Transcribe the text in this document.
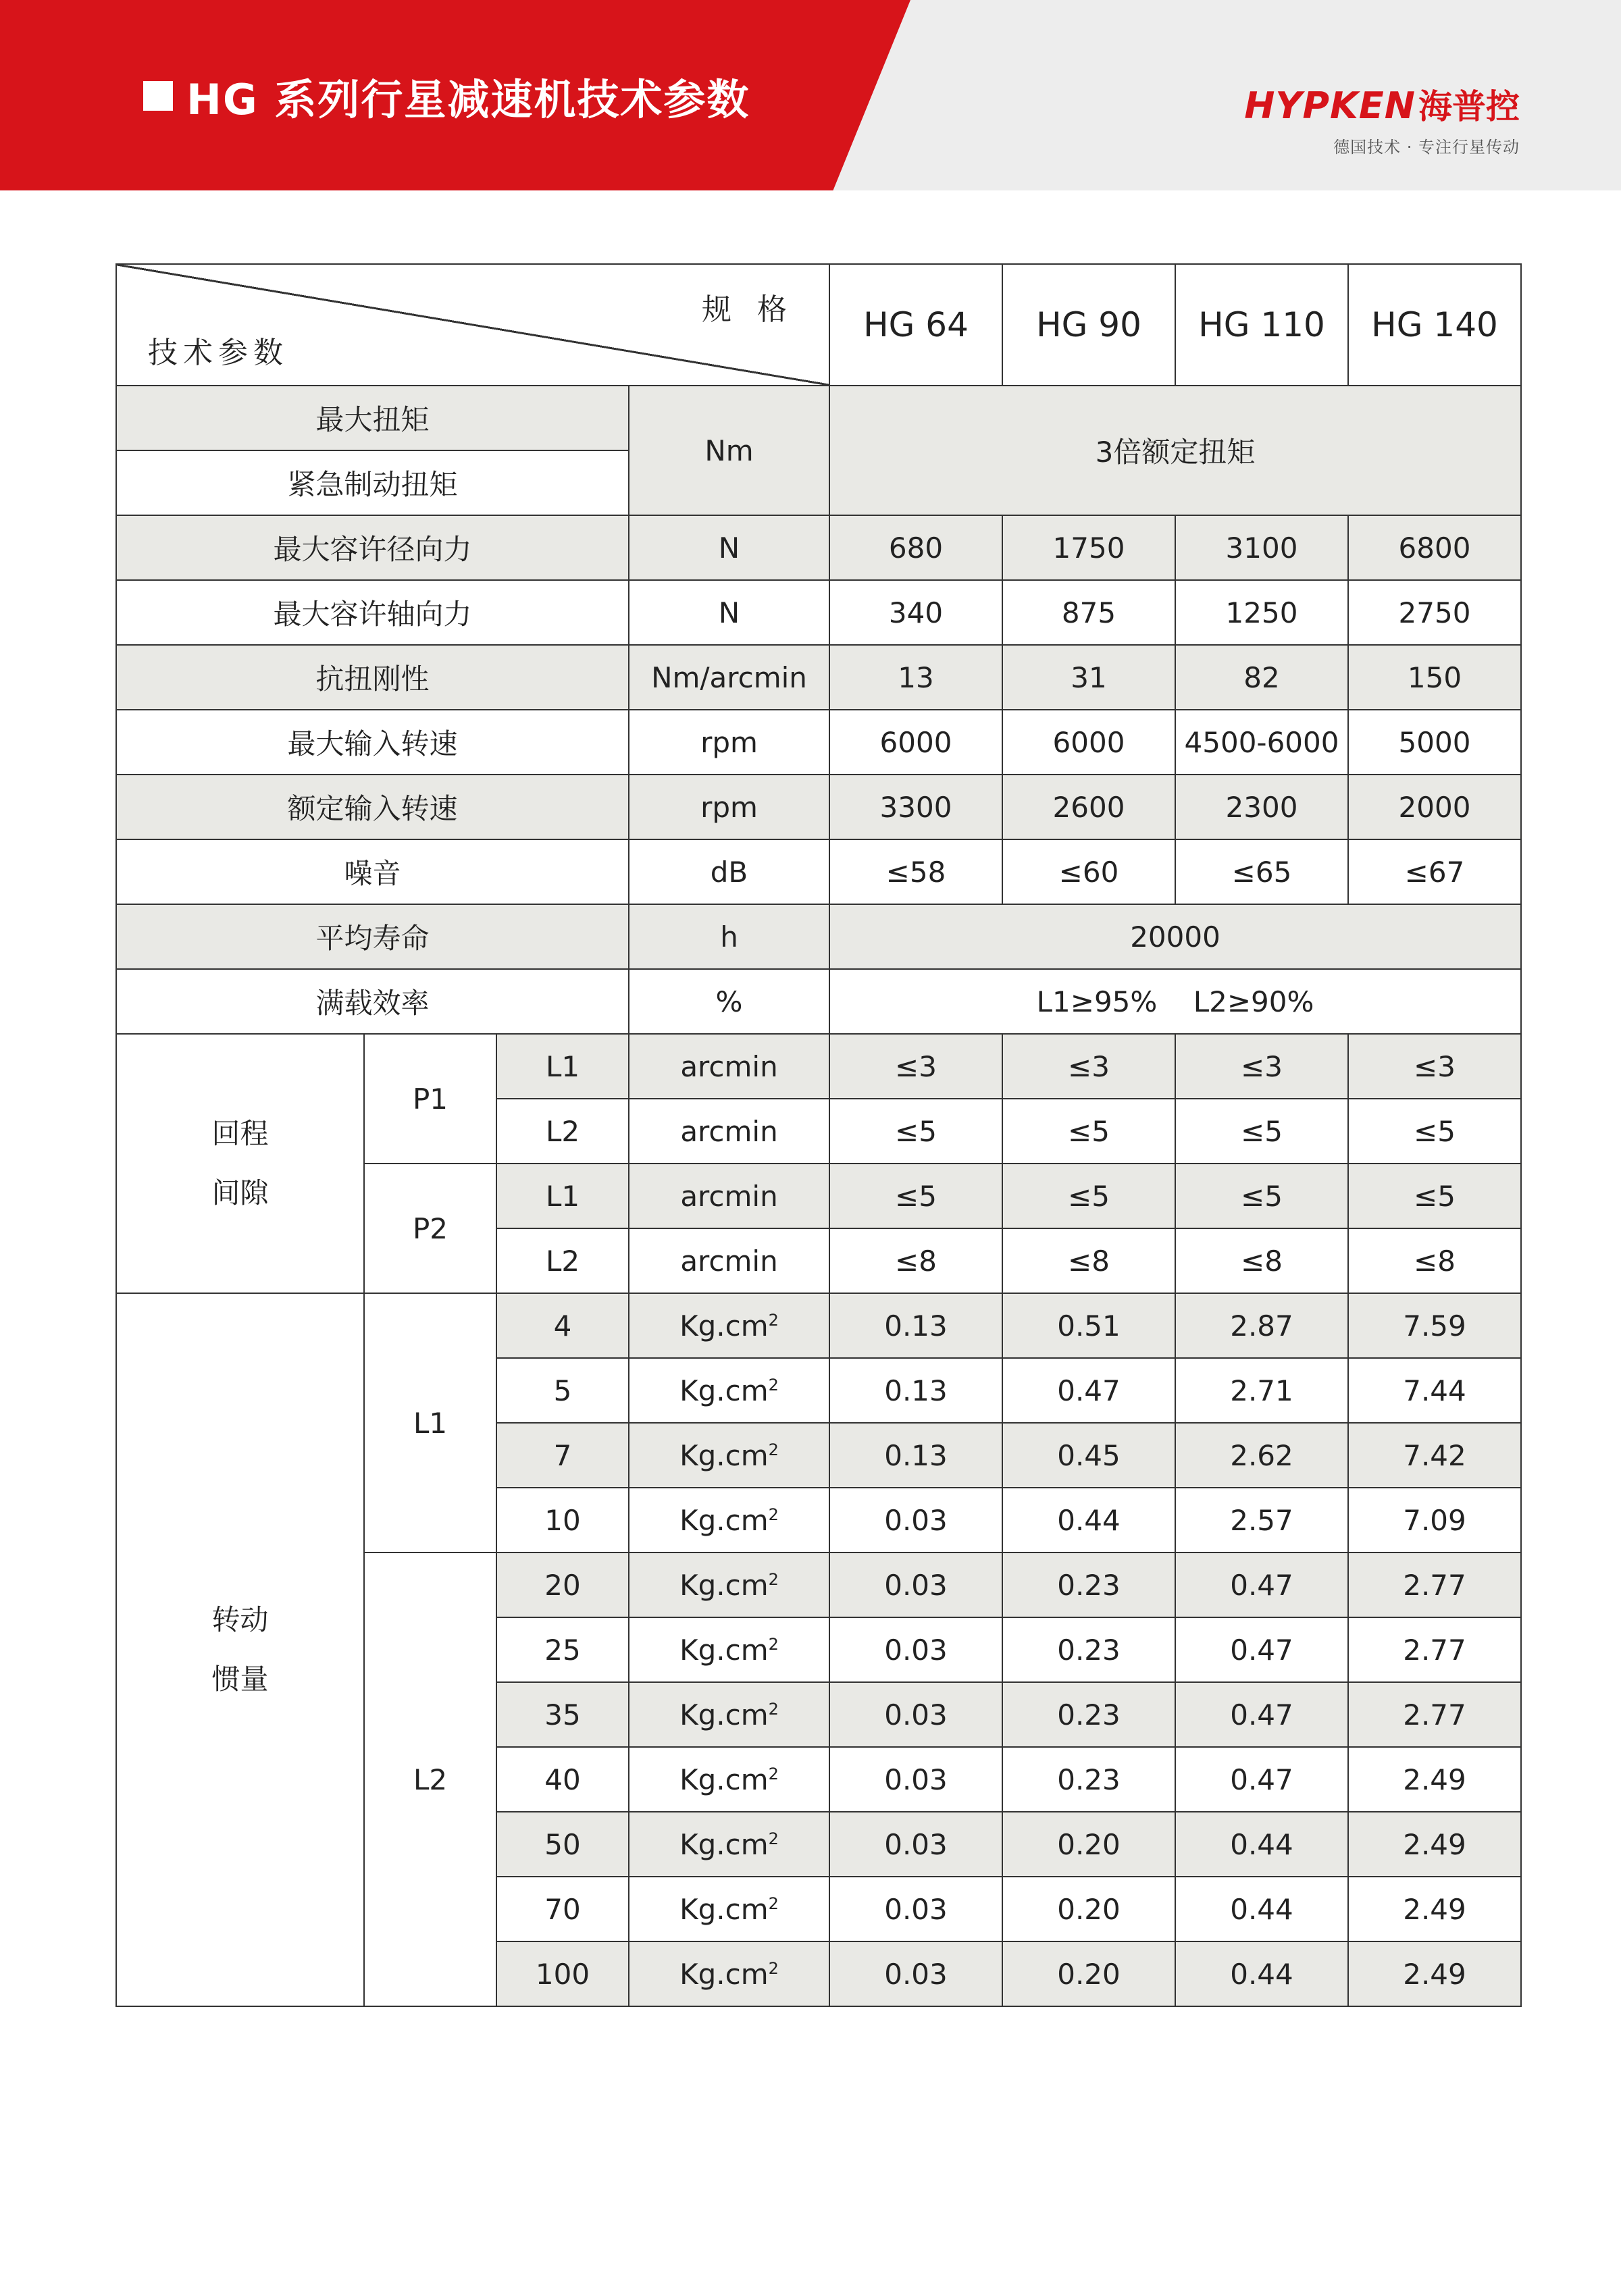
HG 系列行星减速机技术参数	HYPKEN 海普控
德国技术 · 专注行星传动
规 格
技术参数				HG 64	HG 90	HG 110	HG 140
最大扭矩			Nm	3倍额定扭矩			
紧急制动扭矩							
最大容许径向力			N	680	1750	3100	6800
最大容许轴向力			N	340	875	1250	2750
抗扭刚性			Nm/arcmin	13	31	82	150
最大输入转速			rpm	6000	6000	4500-6000	5000
额定输入转速			rpm	3300	2600	2300	2000
噪音			dB	≤58	≤60	≤65	≤67
平均寿命			h	20000			
满载效率			%	L1≥95%    L2≥90%			
回程
间隙	P1	L1	arcmin	≤3	≤3	≤3	≤3
		L2	arcmin	≤5	≤5	≤5	≤5
	P2	L1	arcmin	≤5	≤5	≤5	≤5
		L2	arcmin	≤8	≤8	≤8	≤8
转动
惯量	L1	4	$Kg.cm^2$	0.13	0.51	2.87	7.59
		5	$Kg.cm^2$	0.13	0.47	2.71	7.44
		7	$Kg.cm^2$	0.13	0.45	2.62	7.42
		10	$Kg.cm^2$	0.03	0.44	2.57	7.09
	L2	20	$Kg.cm^2$	0.03	0.23	0.47	2.77
		25	$Kg.cm^2$	0.03	0.23	0.47	2.77
		35	$Kg.cm^2$	0.03	0.23	0.47	2.77
		40	$Kg.cm^2$	0.03	0.23	0.47	2.49
		50	$Kg.cm^2$	0.03	0.20	0.44	2.49
		70	$Kg.cm^2$	0.03	0.20	0.44	2.49
		100	$Kg.cm^2$	0.03	0.20	0.44	2.49
